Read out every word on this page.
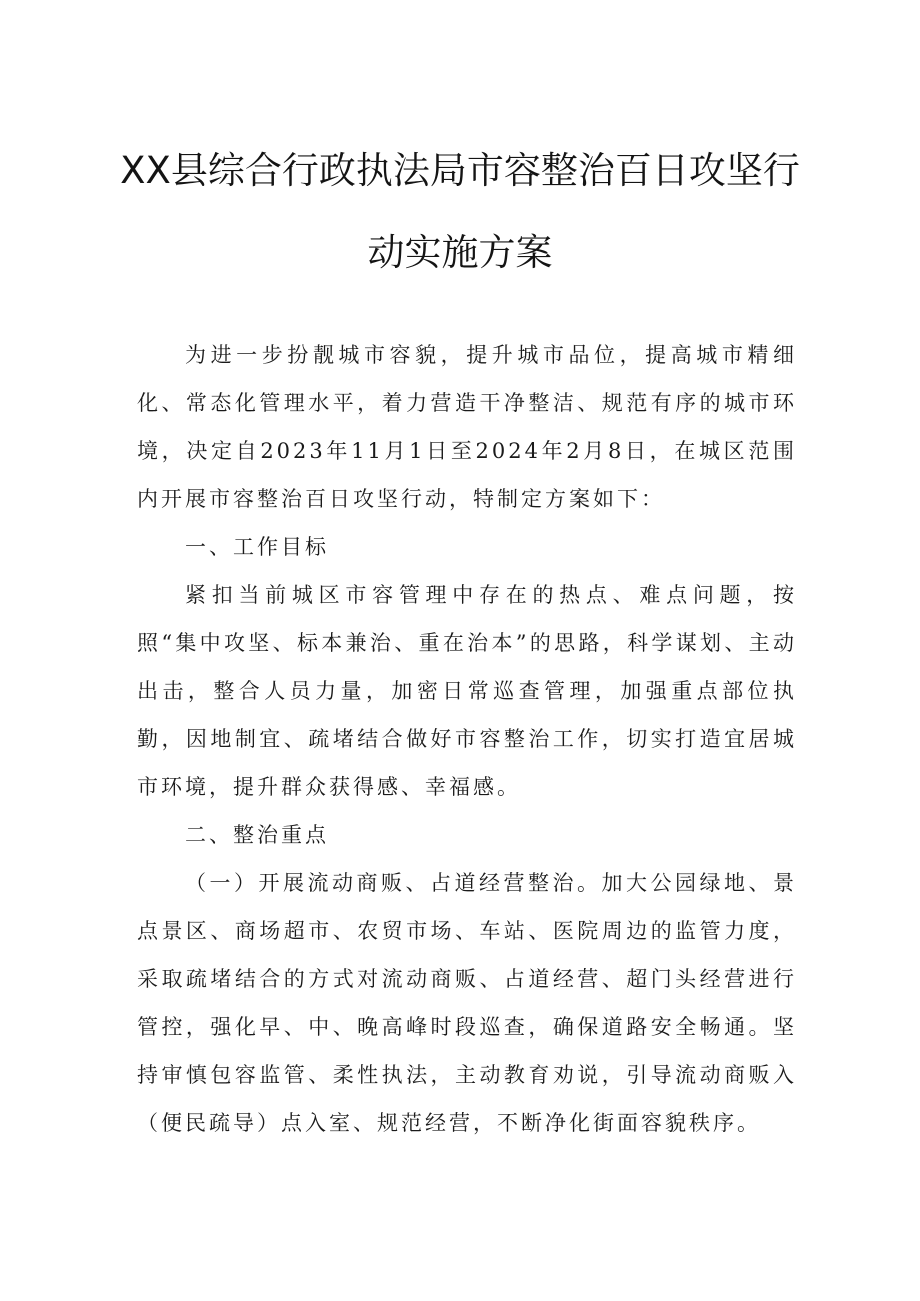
XX县综合行政执法局市容整治百日攻坚行
动实施方案

为进一步扮靓城市容貌，提升城市品位，提高城市精细化、常态化管理水平，着力营造干净整洁、规范有序的城市环境，决定自2023年11月1日至2024年2月8日，在城区范围内开展市容整治百日攻坚行动，特制定方案如下：

一、工作目标

紧扣当前城区市容管理中存在的热点、难点问题，按照“集中攻坚、标本兼治、重在治本”的思路，科学谋划、主动出击，整合人员力量，加密日常巡查管理，加强重点部位执勤，因地制宜、疏堵结合做好市容整治工作，切实打造宜居城市环境，提升群众获得感、幸福感。

二、整治重点

（一）开展流动商贩、占道经营整治。加大公园绿地、景点景区、商场超市、农贸市场、车站、医院周边的监管力度，采取疏堵结合的方式对流动商贩、占道经营、超门头经营进行管控，强化早、中、晚高峰时段巡查，确保道路安全畅通。坚持审慎包容监管、柔性执法，主动教育劝说，引导流动商贩入（便民疏导）点入室、规范经营，不断净化街面容貌秩序。
